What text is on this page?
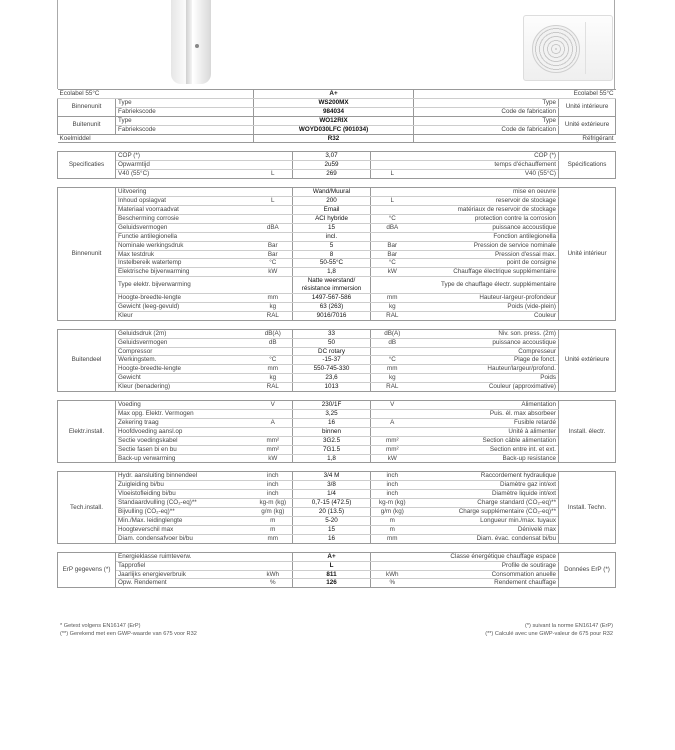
Ecolabel 55°C		A+			Ecolabel 55°C	
Binnenunit	Type	WS200MX			Type	Unité intérieure
	Fabriekscode	984034			Code de fabrication	
Buitenunit	Type	WO12RIX			Type	Unité extérieure
	Fabriekscode	WOYD030LFC (901034)			Code de fabrication	
Koelmiddel		R32			Réfrigérant	

Specificaties	COP (*)		3,07		COP (*)	Spécifications
	Opwarmtijd		2u59		temps d'échauffement	
	V40 (55°C)	L	269	L	V40 (55°C)	

Binnenunit	Uitvoering		Wand/Muural		mise en oeuvre	Unité intérieur
	Inhoud opslagvat	L	200	L	reservoir de stockage	
	Materiaal voorraadvat		Email		matériaux de reservoir de stockage	
	Bescherming corrosie		ACI hybride	°C	protection contre la corrosion	
	Geluidsvermogen	dBA	15	dBA	puissance accoustique	
	Functie antilegionella		incl.		Fonction antilegionella	
	Nominale werkingsdruk	Bar	5	Bar	Pression de service nominale	
	Max testdruk	Bar	8	Bar	Pression d'essai max.	
	Instelbereik watertemp	°C	50-55°C	°C	point de consigne	
	Elektrische bijverwarming	kW	1,8	kW	Chauffage électrique supplémentaire	
	Type elektr. bijverwarming		Natte weerstand/ résistance immersion		Type de chauffage électr. supplémentaire	
	Hoogte-breedte-lengte	mm	1497-567-586	mm	Hauteur-largeur-profondeur	
	Gewicht (leeg-gevuld)	kg	63 (263)	kg	Poids (vide-plein)	
	Kleur	RAL	9016/7016	RAL	Couleur	

Buitendeel	Geluidsdruk (2m)	dB(A)	33	dB(A)	Niv. son. press. (2m)	Unité extérieure
	Geluidsvermogen	dB	50	dB	puissance accoustique	
	Compressor		DC rotary		Compresseur	
	Werkingstem.	°C	-15-37	°C	Plage de fonct.	
	Hoogte-breedte-lengte	mm	550-745-330	mm	Hauteur/largeur/profond.	
	Gewicht	kg	23,6	kg	Poids	
	Kleur (benadering)	RAL	1013	RAL	Couleur (approximative)	

Elektr.install.	Voeding	V	230/1F	V	Alimentation	Install. électr.
	Max opg. Elektr. Vermogen		3,25		Puis. él. max absorbeer	
	Zekering traag	A	16	A	Fusible retardé	
	Hoofdvoeding aansl.op		binnen		Unité à alimenter	
	Sectie voedingskabel	mm²	3G2.5	mm²	Section câble alimentation	
	Sectie fasen bi en bu	mm²	7G1.5	mm²	Section entre int. et ext.	
	Back-up verwarming	kW	1,8	kW	Back-up resistance	

Tech.install.	Hydr. aansluiting binnendeel	inch	3/4 M	inch	Raccordement hydraulique	Install. Techn.
	Zuigleiding bi/bu	inch	3/8	inch	Diamètre gaz int/ext	
	Vloeistofleiding bi/bu	inch	1/4	inch	Diamètre liquide int/ext	
	Standaardvulling (CO₂-eq)**	kg-m (kg)	0,7-15 (472.5)	kg-m (kg)	Charge standard (CO₂-eq)**	
	Bijvulling (CO₂-eq)**	g/m (kg)	20 (13.5)	g/m (kg)	Charge supplémentaire (CO₂-eq)**	
	Min./Max. leidinglengte	m	5-20	m	Longueur min./max. tuyaux	
	Hoogteverschil max	m	15	m	Dénivelé max	
	Diam. condensafvoer bi/bu	mm	16	mm	Diam. évac. condensat bi/bu	

ErP gegevens (*)	Energieklasse ruimteverw.		A+		Classe énergétique chauffage espace	Données ErP (*)
	Tapprofiel		L		Profile de soutirage	
	Jaarlijks energieverbruik	kWh	811	kWh	Consommation anuelle	
	Opw. Rendement	%	126	%	Rendement chauffage	
* Getest volgens EN16147 (ErP)
(**) Gerekend met een GWP-waarde van 675 voor R32
(*) suivant la norme EN16147 (ErP)
(**) Calculé avec une GWP-valeur de 675 pour R32
